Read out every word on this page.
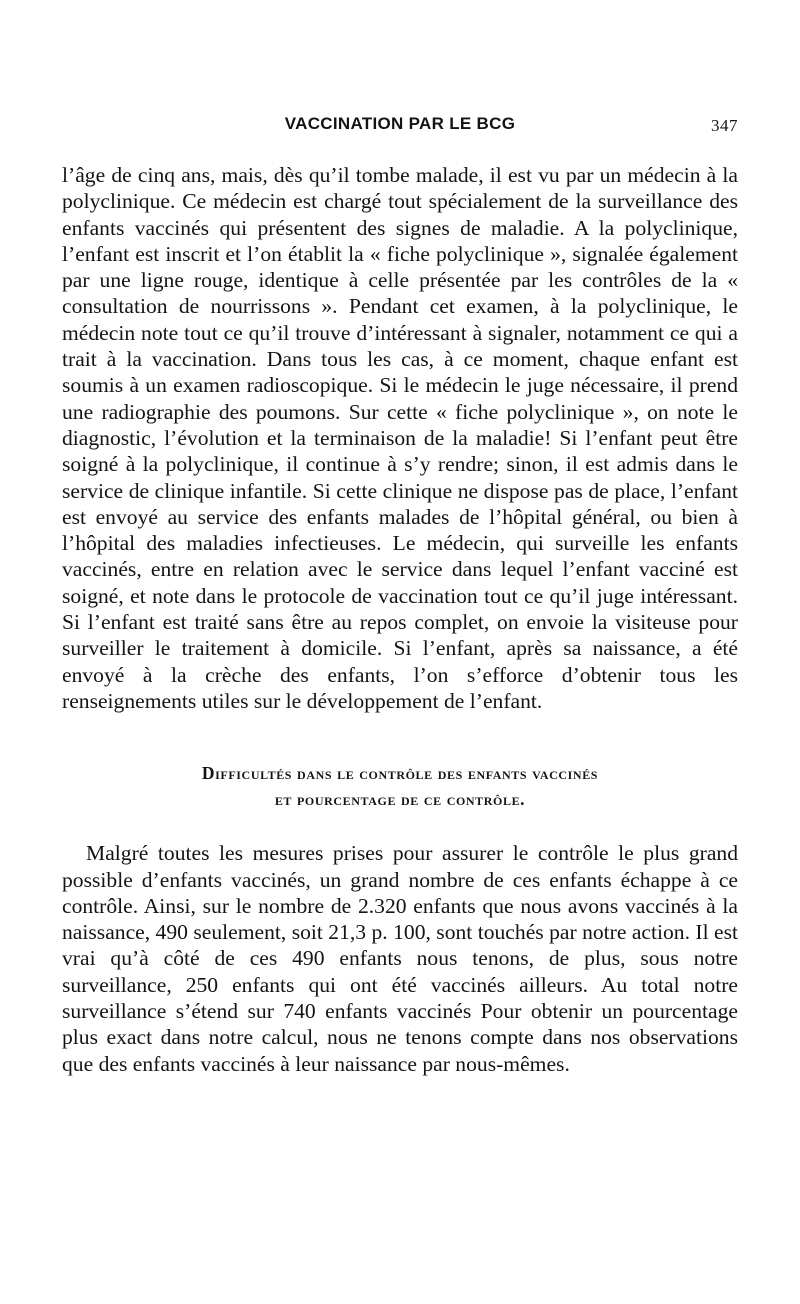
VACCINATION PAR LE BCG	347

l’âge de cinq ans, mais, dès qu’il tombe malade, il est vu par un médecin à la polyclinique. Ce médecin est chargé tout spécialement de la surveillance des enfants vaccinés qui présentent des signes de maladie. A la polyclinique, l’enfant est inscrit et l’on établit la « fiche polyclinique », signalée également par une ligne rouge, identique à celle présentée par les contrôles de la « consultation de nourrissons ». Pendant cet examen, à la polyclinique, le médecin note tout ce qu’il trouve d’intéressant à signaler, notamment ce qui a trait à la vaccination. Dans tous les cas, à ce moment, chaque enfant est soumis à un examen radioscopique. Si le médecin le juge nécessaire, il prend une radiographie des poumons. Sur cette « fiche polyclinique », on note le diagnostic, l’évolution et la terminaison de la maladie! Si l’enfant peut être soigné à la polyclinique, il continue à s’y rendre; sinon, il est admis dans le service de clinique infantile. Si cette clinique ne dispose pas de place, l’enfant est envoyé au service des enfants malades de l’hôpital général, ou bien à l’hôpital des maladies infectieuses. Le médecin, qui surveille les enfants vaccinés, entre en relation avec le service dans lequel l’enfant vacciné est soigné, et note dans le protocole de vaccination tout ce qu’il juge intéressant. Si l’enfant est traité sans être au repos complet, on envoie la visiteuse pour surveiller le traitement à domicile. Si l’enfant, après sa naissance, a été envoyé à la crèche des enfants, l’on s’efforce d’obtenir tous les renseignements utiles sur le développement de l’enfant.

Difficultés dans le contrôle des enfants vaccinés
et pourcentage de ce contrôle.

Malgré toutes les mesures prises pour assurer le contrôle le plus grand possible d’enfants vaccinés, un grand nombre de ces enfants échappe à ce contrôle. Ainsi, sur le nombre de 2.320 enfants que nous avons vaccinés à la naissance, 490 seulement, soit 21,3 p. 100, sont touchés par notre action. Il est vrai qu’à côté de ces 490 enfants nous tenons, de plus, sous notre surveillance, 250 enfants qui ont été vaccinés ailleurs. Au total notre surveillance s’étend sur 740 enfants vaccinés Pour obtenir un pourcentage plus exact dans notre calcul, nous ne tenons compte dans nos observations que des enfants vaccinés à leur naissance par nous-mêmes.
